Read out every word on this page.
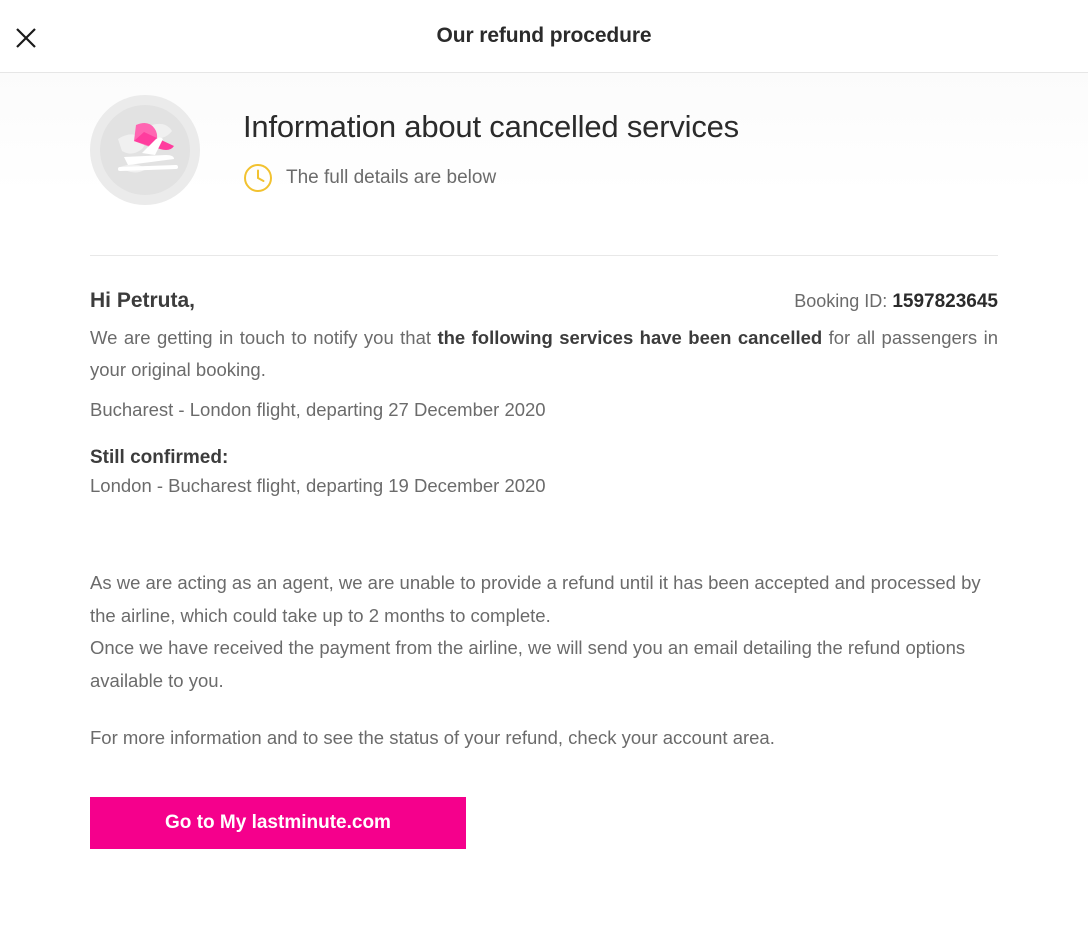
Our refund procedure
Information about cancelled services
The full details are below
Hi Petruta,	Booking ID: 1597823645

We are getting in touch to notify you that the following services have been cancelled for all passengers in your original booking.

Bucharest - London flight, departing 27 December 2020
Still confirmed:
London - Bucharest flight, departing 19 December 2020

As we are acting as an agent, we are unable to provide a refund until it has been accepted and processed by the airline, which could take up to 2 months to complete.

Once we have received the payment from the airline, we will send you an email detailing the refund options available to you.

For more information and to see the status of your refund, check your account area.

Go to My lastminute.com
